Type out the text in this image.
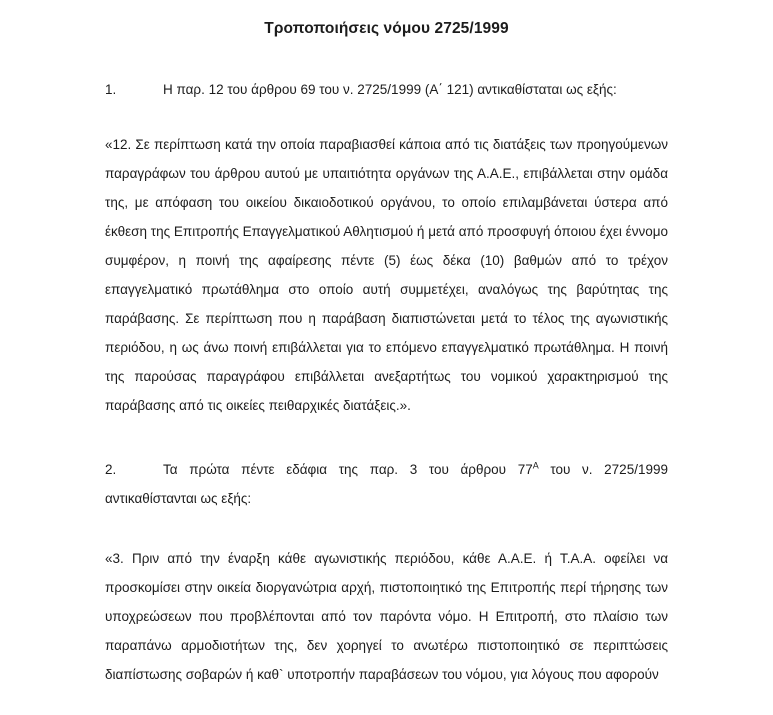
Τροποποιήσεις νόμου 2725/1999

1.	Η παρ. 12 του άρθρου 69 του ν. 2725/1999 (Α΄ 121) αντικαθίσταται ως εξής:

«12. Σε περίπτωση κατά την οποία παραβιασθεί κάποια από τις διατάξεις των προηγούμενων παραγράφων του άρθρου αυτού με υπαιτιότητα οργάνων της Α.Α.Ε., επιβάλλεται στην ομάδα της, με απόφαση του οικείου δικαιοδοτικού οργάνου, το οποίο επιλαμβάνεται ύστερα από έκθεση της Επιτροπής Επαγγελματικού Αθλητισμού ή μετά από προσφυγή όποιου έχει έννομο συμφέρον, η ποινή της αφαίρεσης πέντε (5) έως δέκα (10) βαθμών από το τρέχον επαγγελματικό πρωτάθλημα στο οποίο αυτή συμμετέχει, αναλόγως της βαρύτητας της παράβασης. Σε περίπτωση που η παράβαση διαπιστώνεται μετά το τέλος της αγωνιστικής περιόδου, η ως άνω ποινή επιβάλλεται για το επόμενο επαγγελματικό πρωτάθλημα. Η ποινή της παρούσας παραγράφου επιβάλλεται ανεξαρτήτως του νομικού χαρακτηρισμού της παράβασης από τις οικείες πειθαρχικές διατάξεις.».

2.	Τα πρώτα πέντε εδάφια της παρ. 3 του άρθρου $77^A$ του ν. 2725/1999
αντικαθίστανται ως εξής:

«3. Πριν από την έναρξη κάθε αγωνιστικής περιόδου, κάθε Α.Α.Ε. ή Τ.Α.Α. οφείλει να προσκομίσει στην οικεία διοργανώτρια αρχή, πιστοποιητικό της Επιτροπής περί τήρησης των υποχρεώσεων που προβλέπονται από τον παρόντα νόμο. Η Επιτροπή, στο πλαίσιο των παραπάνω αρμοδιοτήτων της, δεν χορηγεί το ανωτέρω πιστοποιητικό σε περιπτώσεις διαπίστωσης σοβαρών ή καθ` υποτροπήν παραβάσεων του νόμου, για λόγους που αφορούν
